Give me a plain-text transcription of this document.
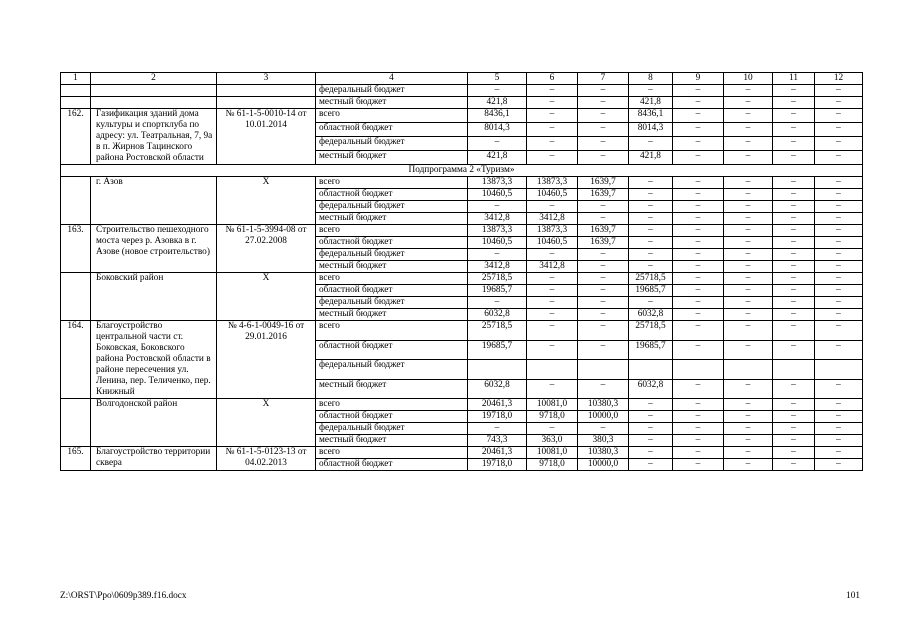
1	2	3	4	5	6	7	8	9	10	11	12
			федеральный бюджет	–	–	–	–	–	–	–	–
			местный бюджет	421,8	–	–	421,8	–	–	–	–
162.	Газификация зданий дома культуры и спортклуба по адресу: ул. Театральная, 7, 9а в п. Жирнов Тацинского района Ростовской области	№ 61-1-5-0010-14 от 10.01.2014	всего	8436,1	–	–	8436,1	–	–	–	–
			областной бюджет	8014,3	–	–	8014,3	–	–	–	–
			федеральный бюджет	–	–	–	–	–	–	–	–
			местный бюджет	421,8	–	–	421,8	–	–	–	–
Подпрограмма 2 «Туризм»											
	г. Азов	Х	всего	13873,3	13873,3	1639,7	–	–	–	–	–
			областной бюджет	10460,5	10460,5	1639,7	–	–	–	–	–
			федеральный бюджет	–	–	–	–	–	–	–	–
			местный бюджет	3412,8	3412,8	–	–	–	–	–	–
163.	Строительство пешеходного моста через р. Азовка в г. Азове (новое строительство)	№ 61-1-5-3994-08 от 27.02.2008	всего	13873,3	13873,3	1639,7	–	–	–	–	–
			областной бюджет	10460,5	10460,5	1639,7	–	–	–	–	–
			федеральный бюджет	–	–	–	–	–	–	–	–
			местный бюджет	3412,8	3412,8	–	–	–	–	–	–
	Боковский район	Х	всего	25718,5	–	–	25718,5	–	–	–	–
			областной бюджет	19685,7	–	–	19685,7	–	–	–	–
			федеральный бюджет	–	–	–	–	–	–	–	–
			местный бюджет	6032,8	–	–	6032,8	–	–	–	–
164.	Благоустройство центральной части ст. Боковская, Боковского района Ростовской области в районе пересечения ул. Ленина, пер. Теличенко, пер. Книжный	№ 4-6-1-0049-16 от 29.01.2016	всего	25718,5	–	–	25718,5	–	–	–	–
			областной бюджет	19685,7	–	–	19685,7	–	–	–	–
			федеральный бюджет								
			местный бюджет	6032,8	–	–	6032,8	–	–	–	–
	Волгодонской район	Х	всего	20461,3	10081,0	10380,3	–	–	–	–	–
			областной бюджет	19718,0	9718,0	10000,0	–	–	–	–	–
			федеральный бюджет	–	–	–	–	–	–	–	–
			местный бюджет	743,3	363,0	380,3	–	–	–	–	–
165.	Благоустройство территории сквера	№ 61-1-5-0123-13 от 04.02.2013	всего	20461,3	10081,0	10380,3	–	–	–	–	–
			областной бюджет	19718,0	9718,0	10000,0	–	–	–	–	–
Z:\ORST\Ppo\0609p389.f16.docx	101
